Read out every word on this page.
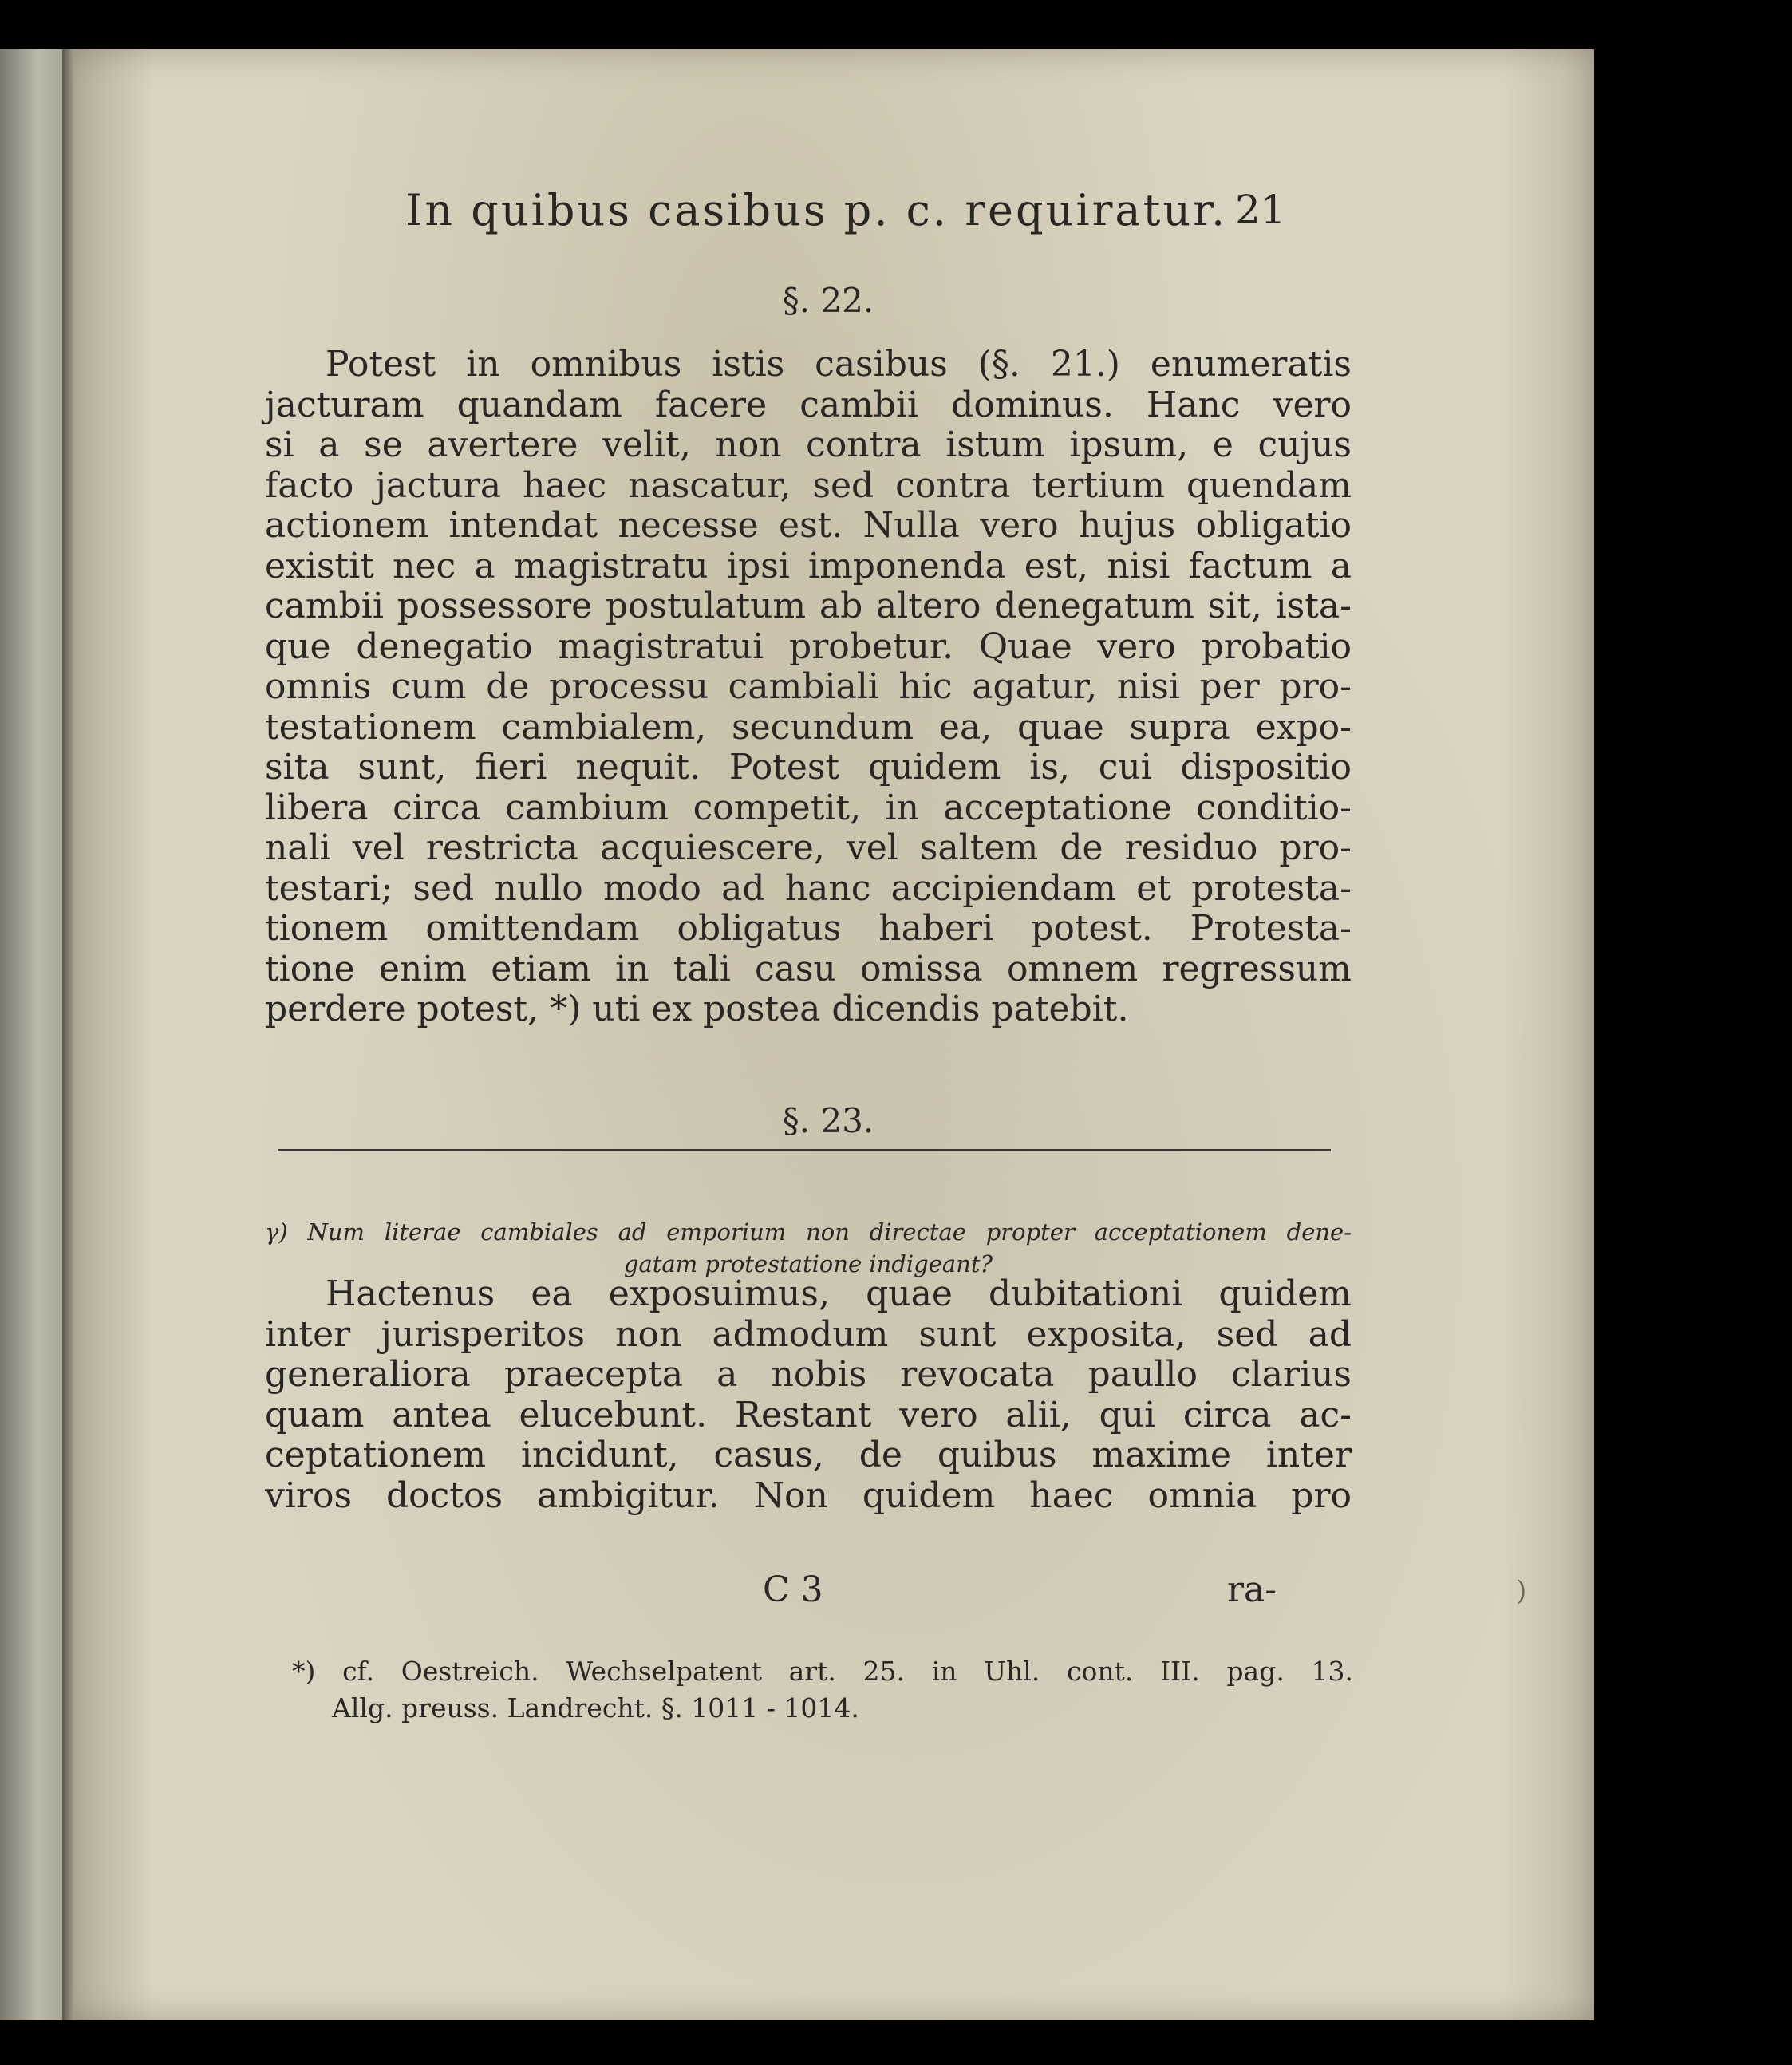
In quibus casibus p. c. requiratur. 21
§. 22.
Potest in omnibus istis casibus (§. 21.) enumeratis
jacturam quandam facere cambii dominus. Hanc vero
si a se avertere velit, non contra istum ipsum, e cujus
facto jactura haec nascatur, sed contra tertium quendam
actionem intendat necesse est. Nulla vero hujus obligatio
existit nec a magistratu ipsi imponenda est, nisi factum a
cambii possessore postulatum ab altero denegatum sit, ista-
que denegatio magistratui probetur. Quae vero probatio
omnis cum de processu cambiali hic agatur, nisi per pro-
testationem cambialem, secundum ea, quae supra expo-
sita sunt, fieri nequit. Potest quidem is, cui dispositio
libera circa cambium competit, in acceptatione conditio-
nali vel restricta acquiescere, vel saltem de residuo pro-
testari; sed nullo modo ad hanc accipiendam et protesta-
tionem omittendam obligatus haberi potest. Protesta-
tione enim etiam in tali casu omissa omnem regressum
perdere potest, *) uti ex postea dicendis patebit.
§. 23.
γ) Num literae cambiales ad emporium non directae propter acceptationem dene-
gatam protestatione indigeant?
Hactenus ea exposuimus, quae dubitationi quidem
inter jurisperitos non admodum sunt exposita, sed ad
generaliora praecepta a nobis revocata paullo clarius
quam antea elucebunt. Restant vero alii, qui circa ac-
ceptationem incidunt, casus, de quibus maxime inter
viros doctos ambigitur. Non quidem haec omnia pro
C 3	ra-	)
*) cf. Oestreich. Wechselpatent art. 25. in Uhl. cont. III. pag. 13.
Allg. preuss. Landrecht. §. 1011 - 1014.
